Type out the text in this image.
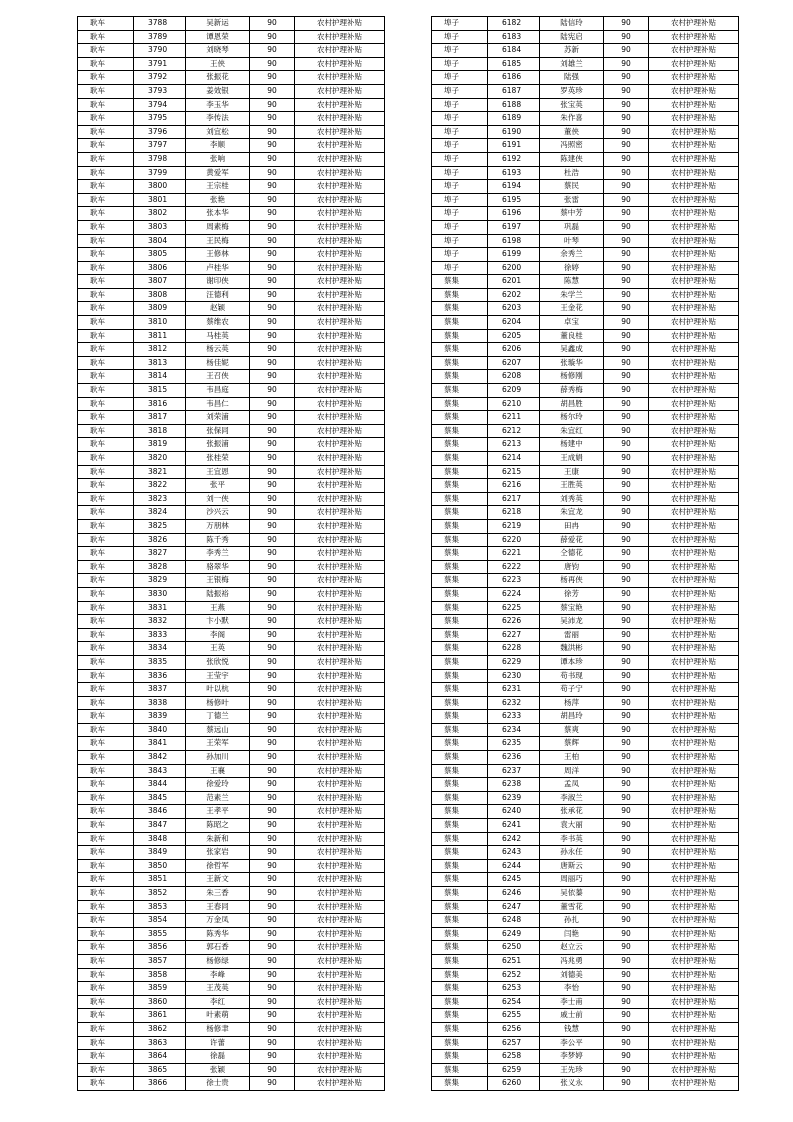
耿车	3788	吴新运	90	农村护理补贴
耿车	3789	谭恩荣	90	农村护理补贴
耿车	3790	刘晓琴	90	农村护理补贴
耿车	3791	王侠	90	农村护理补贴
耿车	3792	张振花	90	农村护理补贴
耿车	3793	姜效银	90	农村护理补贴
耿车	3794	李玉华	90	农村护理补贴
耿车	3795	李传法	90	农村护理补贴
耿车	3796	刘宜松	90	农村护理补贴
耿车	3797	李顺	90	农村护理补贴
耿车	3798	张响	90	农村护理补贴
耿车	3799	黄爱军	90	农村护理补贴
耿车	3800	王宗桂	90	农村护理补贴
耿车	3801	张艳	90	农村护理补贴
耿车	3802	张本华	90	农村护理补贴
耿车	3803	周素梅	90	农村护理补贴
耿车	3804	王民梅	90	农村护理补贴
耿车	3805	王修林	90	农村护理补贴
耿车	3806	卢桂华	90	农村护理补贴
耿车	3807	谢印侠	90	农村护理补贴
耿车	3808	汪德利	90	农村护理补贴
耿车	3809	赵颖	90	农村护理补贴
耿车	3810	蔡维农	90	农村护理补贴
耿车	3811	马桂英	90	农村护理补贴
耿车	3812	杨云英	90	农村护理补贴
耿车	3813	杨佳妮	90	农村护理补贴
耿车	3814	王召侠	90	农村护理补贴
耿车	3815	韦昌庭	90	农村护理补贴
耿车	3816	韦昌仁	90	农村护理补贴
耿车	3817	刘荣浦	90	农村护理补贴
耿车	3818	张保同	90	农村护理补贴
耿车	3819	张振浦	90	农村护理补贴
耿车	3820	张桂荣	90	农村护理补贴
耿车	3821	王宜恩	90	农村护理补贴
耿车	3822	张平	90	农村护理补贴
耿车	3823	刘一侠	90	农村护理补贴
耿车	3824	沙兴云	90	农村护理补贴
耿车	3825	万朋林	90	农村护理补贴
耿车	3826	陈千秀	90	农村护理补贴
耿车	3827	李秀兰	90	农村护理补贴
耿车	3828	骆翠华	90	农村护理补贴
耿车	3829	王银梅	90	农村护理补贴
耿车	3830	陆振裕	90	农村护理补贴
耿车	3831	王燕	90	农村护理补贴
耿车	3832	卞小默	90	农村护理补贴
耿车	3833	李阁	90	农村护理补贴
耿车	3834	王英	90	农村护理补贴
耿车	3835	张欣悦	90	农村护理补贴
耿车	3836	王莹宇	90	农村护理补贴
耿车	3837	叶以杭	90	农村护理补贴
耿车	3838	杨修叶	90	农村护理补贴
耿车	3839	丁德兰	90	农村护理补贴
耿车	3840	蔡远山	90	农村护理补贴
耿车	3841	王荣军	90	农村护理补贴
耿车	3842	孙加川	90	农村护理补贴
耿车	3843	王襄	90	农村护理补贴
耿车	3844	徐爱玲	90	农村护理补贴
耿车	3845	范素兰	90	农村护理补贴
耿车	3846	王孝平	90	农村护理补贴
耿车	3847	陈昭之	90	农村护理补贴
耿车	3848	朱新和	90	农村护理补贴
耿车	3849	张家岩	90	农村护理补贴
耿车	3850	徐哲军	90	农村护理补贴
耿车	3851	王新文	90	农村护理补贴
耿车	3852	朱三香	90	农村护理补贴
耿车	3853	王春同	90	农村护理补贴
耿车	3854	万金凤	90	农村护理补贴
耿车	3855	陈秀华	90	农村护理补贴
耿车	3856	郭石香	90	农村护理补贴
耿车	3857	杨修绿	90	农村护理补贴
耿车	3858	李峰	90	农村护理补贴
耿车	3859	王茂英	90	农村护理补贴
耿车	3860	李红	90	农村护理补贴
耿车	3861	叶素萌	90	农村护理补贴
耿车	3862	杨修聿	90	农村护理补贴
耿车	3863	许蕾	90	农村护理补贴
耿车	3864	徐磊	90	农村护理补贴
耿车	3865	张颖	90	农村护理补贴
耿车	3866	徐士贵	90	农村护理补贴
埠子	6182	陆信玲	90	农村护理补贴
埠子	6183	陆宪启	90	农村护理补贴
埠子	6184	苏新	90	农村护理补贴
埠子	6185	刘雄兰	90	农村护理补贴
埠子	6186	陆强	90	农村护理补贴
埠子	6187	罗英珍	90	农村护理补贴
埠子	6188	张宝英	90	农村护理补贴
埠子	6189	朱作喜	90	农村护理补贴
埠子	6190	董侠	90	农村护理补贴
埠子	6191	冯照密	90	农村护理补贴
埠子	6192	陈建侠	90	农村护理补贴
埠子	6193	杜浩	90	农村护理补贴
埠子	6194	蔡民	90	农村护理补贴
埠子	6195	张雷	90	农村护理补贴
埠子	6196	蔡中芳	90	农村护理补贴
埠子	6197	巩磊	90	农村护理补贴
埠子	6198	叶琴	90	农村护理补贴
埠子	6199	余秀兰	90	农村护理补贴
埠子	6200	徐婷	90	农村护理补贴
蔡集	6201	陈慧	90	农村护理补贴
蔡集	6202	朱学兰	90	农村护理补贴
蔡集	6203	王金花	90	农村护理补贴
蔡集	6204	卓宝	90	农村护理补贴
蔡集	6205	董良桂	90	农村护理补贴
蔡集	6206	吴鑫成	90	农村护理补贴
蔡集	6207	张璇华	90	农村护理补贴
蔡集	6208	杨修刚	90	农村护理补贴
蔡集	6209	薛秀梅	90	农村护理补贴
蔡集	6210	胡昌胜	90	农村护理补贴
蔡集	6211	杨尔玲	90	农村护理补贴
蔡集	6212	朱宜红	90	农村护理补贴
蔡集	6213	杨建中	90	农村护理补贴
蔡集	6214	王成娟	90	农村护理补贴
蔡集	6215	王康	90	农村护理补贴
蔡集	6216	王胜英	90	农村护理补贴
蔡集	6217	刘秀英	90	农村护理补贴
蔡集	6218	朱宜龙	90	农村护理补贴
蔡集	6219	田冉	90	农村护理补贴
蔡集	6220	薛爱花	90	农村护理补贴
蔡集	6221	仝德花	90	农村护理补贴
蔡集	6222	唐钧	90	农村护理补贴
蔡集	6223	杨再侠	90	农村护理补贴
蔡集	6224	徐芳	90	农村护理补贴
蔡集	6225	蔡宝艳	90	农村护理补贴
蔡集	6226	吴沛龙	90	农村护理补贴
蔡集	6227	雷丽	90	农村护理补贴
蔡集	6228	魏洪彬	90	农村护理补贴
蔡集	6229	谭本珍	90	农村护理补贴
蔡集	6230	苟书现	90	农村护理补贴
蔡集	6231	苟子宁	90	农村护理补贴
蔡集	6232	杨萍	90	农村护理补贴
蔡集	6233	胡昌玲	90	农村护理补贴
蔡集	6234	蔡爽	90	农村护理补贴
蔡集	6235	蔡辉	90	农村护理补贴
蔡集	6236	王柏	90	农村护理补贴
蔡集	6237	周洋	90	农村护理补贴
蔡集	6238	孟凤	90	农村护理补贴
蔡集	6239	李淑兰	90	农村护理补贴
蔡集	6240	张承花	90	农村护理补贴
蔡集	6241	袁大丽	90	农村护理补贴
蔡集	6242	李书英	90	农村护理补贴
蔡集	6243	孙永任	90	农村护理补贴
蔡集	6244	唐斯云	90	农村护理补贴
蔡集	6245	周丽巧	90	农村护理补贴
蔡集	6246	吴依蓁	90	农村护理补贴
蔡集	6247	董雪花	90	农村护理补贴
蔡集	6248	孙扎	90	农村护理补贴
蔡集	6249	闫艳	90	农村护理补贴
蔡集	6250	赵立云	90	农村护理补贴
蔡集	6251	冯兆勇	90	农村护理补贴
蔡集	6252	刘德美	90	农村护理补贴
蔡集	6253	李怡	90	农村护理补贴
蔡集	6254	李士甫	90	农村护理补贴
蔡集	6255	戚士前	90	农村护理补贴
蔡集	6256	钱慧	90	农村护理补贴
蔡集	6257	李公平	90	农村护理补贴
蔡集	6258	李梦婷	90	农村护理补贴
蔡集	6259	王先珍	90	农村护理补贴
蔡集	6260	张义永	90	农村护理补贴
